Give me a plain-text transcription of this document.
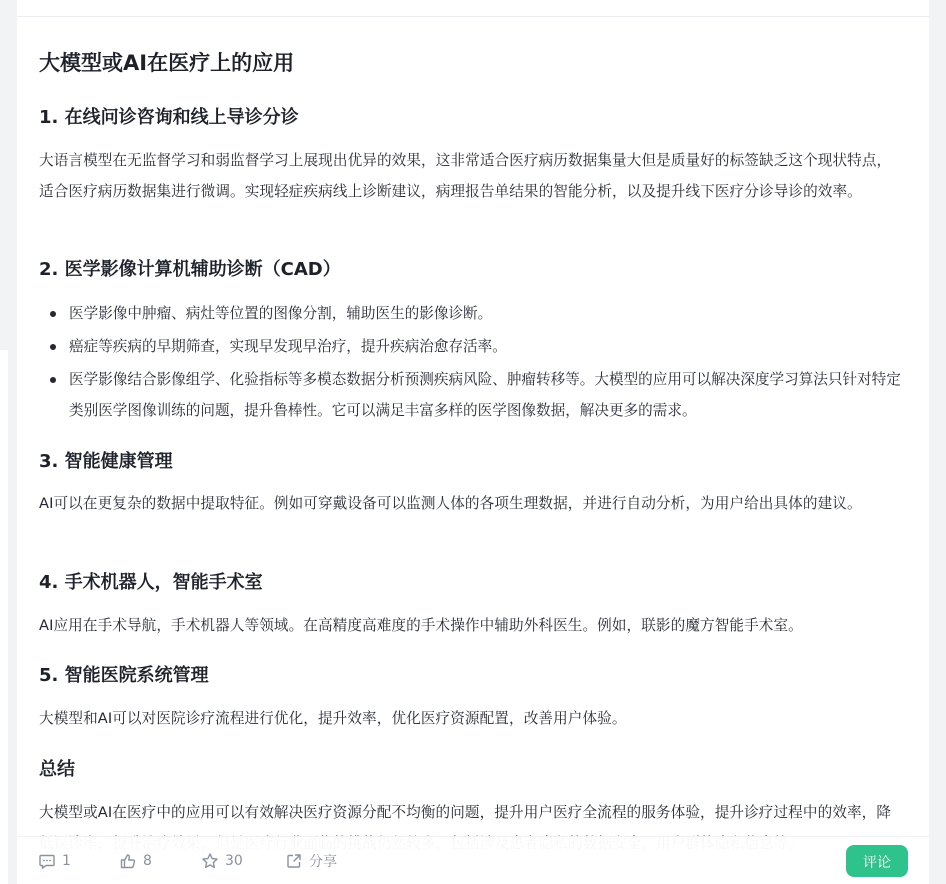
大模型或AI在医疗上的应用
1. 在线问诊咨询和线上导诊分诊
大语言模型在无监督学习和弱监督学习上展现出优异的效果，这非常适合医疗病历数据集量大但是质量好的标签缺乏这个现状特点，适合医疗病历数据集进行微调。实现轻症疾病线上诊断建议，病理报告单结果的智能分析，以及提升线下医疗分诊导诊的效率。
2. 医学影像计算机辅助诊断（CAD）
医学影像中肿瘤、病灶等位置的图像分割，辅助医生的影像诊断。
癌症等疾病的早期筛查，实现早发现早治疗，提升疾病治愈存活率。
医学影像结合影像组学、化验指标等多模态数据分析预测疾病风险、肿瘤转移等。大模型的应用可以解决深度学习算法只针对特定类别医学图像训练的问题，提升鲁棒性。它可以满足丰富多样的医学图像数据，解决更多的需求。
3. 智能健康管理
AI可以在更复杂的数据中提取特征。例如可穿戴设备可以监测人体的各项生理数据，并进行自动分析，为用户给出具体的建议。
4. 手术机器人，智能手术室
AI应用在手术导航，手术机器人等领域。在高精度高难度的手术操作中辅助外科医生。例如，联影的魔方智能手术室。
5. 智能医院系统管理
大模型和AI可以对医院诊疗流程进行优化，提升效率，优化医疗资源配置，改善用户体验。
总结
大模型或AI在医疗中的应用可以有效解决医疗资源分配不均衡的问题，提升用户医疗全流程的服务体验，提升诊疗过程中的效率，降
1	8	30	分享	评论
